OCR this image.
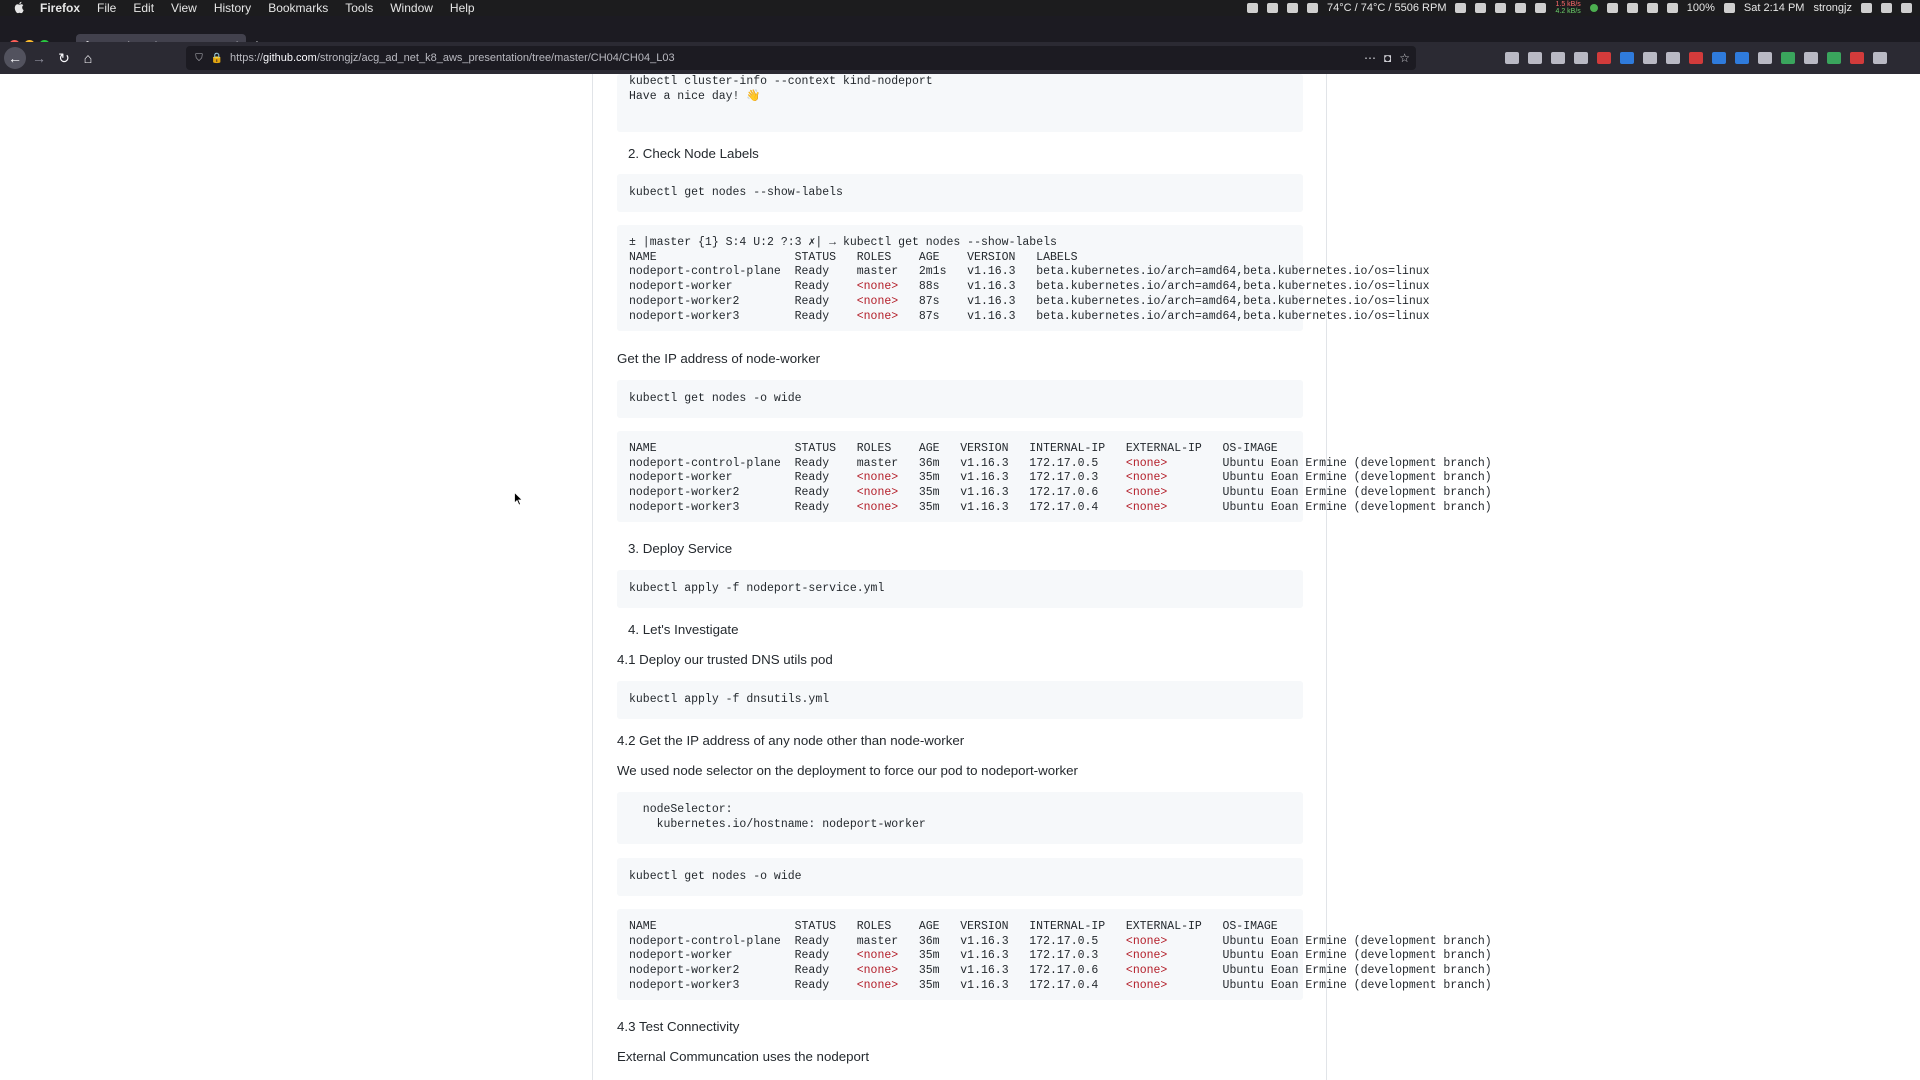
Firefox File Edit View History Bookmarks Tools Window Help	74°C / 74°C / 5506 RPM	1.5 kB/s
4.2 kB/s	100%	Sat 2:14 PM strongjz
← → ↻ ⌂	⛉ 🔒 https://github.com/strongjz/acg_ad_net_k8_aws_presentation/tree/master/CH04/CH04_L03	⋯ ◘ ☆
kubectl cluster-info --context kind-nodeport
Have a nice day! 👋
2. Check Node Labels
kubectl get nodes --show-labels
± |master {1} S:4 U:2 ?:3 ✗| → kubectl get nodes --show-labels
NAME                    STATUS   ROLES    AGE    VERSION   LABELS
nodeport-control-plane  Ready    master   2m1s   v1.16.3   beta.kubernetes.io/arch=amd64,beta.kubernetes.io/os=linux
nodeport-worker         Ready    <none>   88s    v1.16.3   beta.kubernetes.io/arch=amd64,beta.kubernetes.io/os=linux
nodeport-worker2        Ready    <none>   87s    v1.16.3   beta.kubernetes.io/arch=amd64,beta.kubernetes.io/os=linux
nodeport-worker3        Ready    <none>   87s    v1.16.3   beta.kubernetes.io/arch=amd64,beta.kubernetes.io/os=linux
Get the IP address of node-worker
kubectl get nodes -o wide
NAME                    STATUS   ROLES    AGE   VERSION   INTERNAL-IP   EXTERNAL-IP   OS-IMAGE
nodeport-control-plane  Ready    master   36m   v1.16.3   172.17.0.5    <none>        Ubuntu Eoan Ermine (development branch)
nodeport-worker         Ready    <none>   35m   v1.16.3   172.17.0.3    <none>        Ubuntu Eoan Ermine (development branch)
nodeport-worker2        Ready    <none>   35m   v1.16.3   172.17.0.6    <none>        Ubuntu Eoan Ermine (development branch)
nodeport-worker3        Ready    <none>   35m   v1.16.3   172.17.0.4    <none>        Ubuntu Eoan Ermine (development branch)
3. Deploy Service
kubectl apply -f nodeport-service.yml
4. Let's Investigate
4.1 Deploy our trusted DNS utils pod
kubectl apply -f dnsutils.yml
4.2 Get the IP address of any node other than node-worker
We used node selector on the deployment to force our pod to nodeport-worker
nodeSelector:
kubernetes.io/hostname: nodeport-worker
kubectl get nodes -o wide
NAME                    STATUS   ROLES    AGE   VERSION   INTERNAL-IP   EXTERNAL-IP   OS-IMAGE
nodeport-control-plane  Ready    master   36m   v1.16.3   172.17.0.5    <none>        Ubuntu Eoan Ermine (development branch)
nodeport-worker         Ready    <none>   35m   v1.16.3   172.17.0.3    <none>        Ubuntu Eoan Ermine (development branch)
nodeport-worker2        Ready    <none>   35m   v1.16.3   172.17.0.6    <none>        Ubuntu Eoan Ermine (development branch)
nodeport-worker3        Ready    <none>   35m   v1.16.3   172.17.0.4    <none>        Ubuntu Eoan Ermine (development branch)
4.3 Test Connectivity
External Communcation uses the nodeport
